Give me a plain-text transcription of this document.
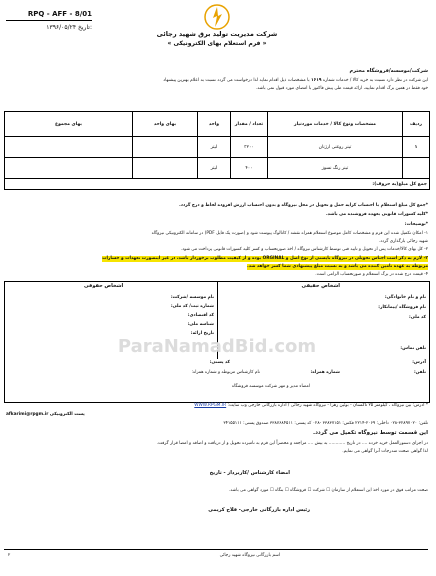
RPQ - AFF - 8/01
۱۳۹۶/۰۵/۲۴ تاریخ:
شرکت مدیریت تولید برق شهید رجائی
« فرم استعلام بهای الکترونیکی »
شرکت/موسسه/فروشگاه محترم
این شرکت در نظر دارد نسبت به خرید کالا / خدمات شماره ۱۶۱۹ با مشخصات ذیل اقدام نماید لذا درخواست می گردد نسبت به اعلام بهترین پیشنهاد
خود فقط در همین برگ اقدام نمایید، ارائه قیمت طی پیش فاکتور با امضای مورد قبول نمی باشد.
ردیف	مشخصات ونوع کالا / خدمات موردنیاز	تعداد / مقدار	واحد	بهای واحد	بهای مجموع
۱	تینر روغنی ارژنان	۳۲۰۰	لیتر		
	تینر رنگ نسوز	۴۰۰	لیتر		
جمع کل مبلغ(به حروف):					
*جمع کل مبلغ استعلام با احتساب کرایه حمل و تحویل در محل نیروگاه و بدون احتساب ارزش افزوده لحاظ و درج گردد.
*کلیه کسورات قانونی بعهده فروشنده می باشد.
*توضیحات:
۱- امکان تکمیل شده این فرم و مشخصات کامل موضوع استعلام همراه نقشه / کاتالوگ پیوست شود و (صورت یک فایل PDF) در سامانه الکترونیکی نیروگاه
شهید رجائی بارگذاری گردد.
۲- کل بهای کالا/خدمات پس از تحویل و تایید فنی توسط کارشناس نیروگاه / اخذ صورتحساب و کسر کلیه کسورات قانونی پرداخت می شود.
۳- لازم به ذکر است اجناس تحویلی در نیروگاه بایستی از نوع اصل و ORGINAL بوده و از کیفیت مطلوب برخوردار باشد، در غیر اینصورت تعهدات و خسارات
مربوطه به عهده تامین کننده می باشد و به نسبت مبلغ پیشنهادی شما کسر خواهد شد.
۴- قیمت درج شده در برگ استعلام و صورتحساب الزامی است.
اشخاص حقیقی
اشخاص حقوقی
نام و نام خانوادگی:
نام فروشگاه /پیمانکار:
کد ملی:
نام موسسه /شرکت:
شماره ثبت/ کد ملی:
کد اقتصادی:
شناسه ملی:
تاریخ ارائه:
تلفن تماس:
آدرس:
کد پستی:
تلفن:
شماره همراه:
نام کارشناس مربوطه و شماره همراه:
امضاء مدیر و مهر شرکت موسسه فروشگاه
ParaNamadBid.com
* آدرس: بین نیروگاه ، کیلومتر ۲۵ تاکستان - بوئین زهرا - نیروگاه شهید رجائی / اداره بازرگانی خارجی وب سایت: WWW.RPGM.IR
afkarimi@rpgm.ir پست الکترونیکی
تلفن: ۳۲۸۹۷۰۲۰-۰۲۸ داخلی: ۲۰۶۹-۲۲۱۴ فکس: ۳۳۸۳۷۱۵۱ -۰۲۸ کد پستی: ۳۳۸۷۶۸۴۵۱۱ صندوق پستی: ۳۴۱۵۵۱۱۱
این قسمت توسط نیروگاه تکمیل می گردد.
در اجرای دستورالعمل خرید خرده .... در تاریخ ............ به بیش .... مراجعه و محضراً این فرم به نامبرده تحویل و از دریافت و اضافه و امضا قرار گرفت.
لذا گواهی صحت مندرجات آنرا گواهی می نمایم.
امضاء کارشناس /کاربرداز - تاریخ
صحت مراتب فوق در مورد اخذ این استعلام از سازمان ☐ شرکت ☐ فروشگاه ☐ بنگاه ☐ مورد گواهی می باشد.
رئیس اداره بازرگانی خارجی- فلاح کریمی
۲	اسم بازرگانی نیروگاه شهید رجائی
